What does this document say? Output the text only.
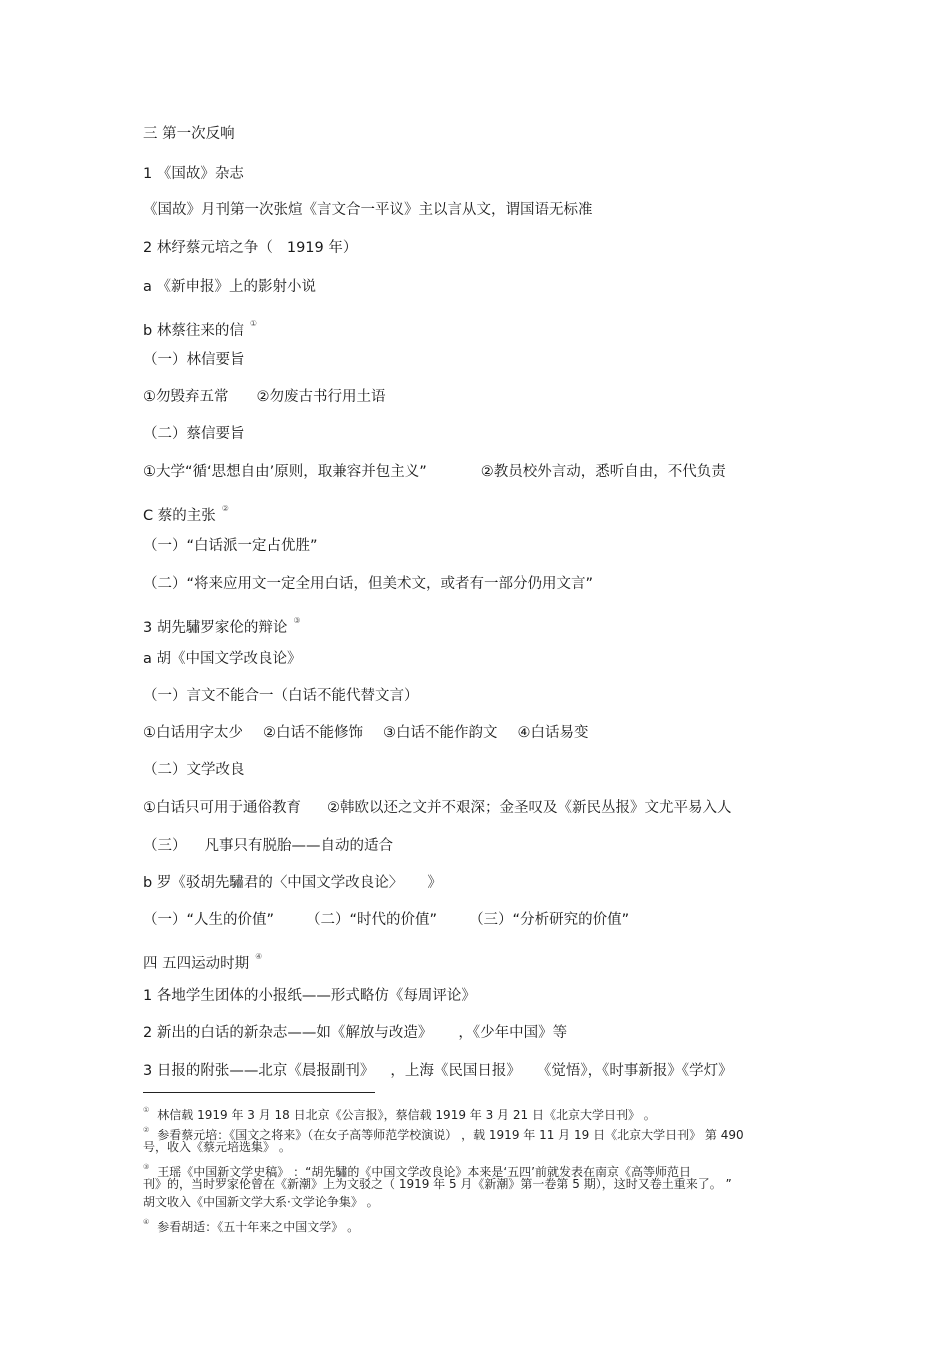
三 第一次反响
1 《国故》杂志
《国故》月刊第一次张煊《言文合一平议》主以言从文，谓国语无标准
2 林纾蔡元培之争（ 1919 年）
a 《新申报》上的影射小说
b 林蔡往来的信 ①
（一）林信要旨
①勿毁弃五常 ②勿废古书行用土语
（二）蔡信要旨
①大学“循‘思想自由’原则，取兼容并包主义”	②教员校外言动，悉听自由，不代负责
C 蔡的主张 ②
（一）“白话派一定占优胜”
（二）“将来应用文一定全用白话，但美术文，或者有一部分仍用文言”
3 胡先驌罗家伦的辩论 ③
a 胡《中国文学改良论》
（一）言文不能合一（白话不能代替文言）
①白话用字太少 ②白话不能修饰 ③白话不能作韵文 ④白话易变
（二）文学改良
①白话只可用于通俗教育 ②韩欧以还之文并不艰深；金圣叹及《新民丛报》文尤平易入人
（三） 凡事只有脱胎——自动的适合
b 罗《驳胡先驌君的〈中国文学改良论〉 》
（一）“人生的价值” （二）“时代的价值” （三）“分析研究的价值”
四 五四运动时期 ④
1 各地学生团体的小报纸——形式略仿《每周评论》
2 新出的白话的新杂志——如《解放与改造》 ，《少年中国》等
3 日报的附张——北京《晨报副刊》 ，上海《民国日报》 《觉悟》，《时事新报》《学灯》
① 林信载 1919 年 3 月 18 日北京《公言报》，蔡信载 1919 年 3 月 21 日《北京大学日刊》 。
② 参看蔡元培：《国文之将来》（在女子高等师范学校演说） ，载 1919 年 11 月 19 日《北京大学日刊》 第 490
号，收入《蔡元培选集》 。
③ 王瑶《中国新文学史稿》 ：“胡先驌的《中国文学改良论》本来是‘五四’前就发表在南京《高等师范日
刊》的，当时罗家伦曾在《新潮》上为文驳之（ 1919 年 5 月《新潮》第一卷第 5 期），这时又卷土重来了。 ”
胡文收入《中国新文学大系·文学论争集》 。
④ 参看胡适：《五十年来之中国文学》 。
